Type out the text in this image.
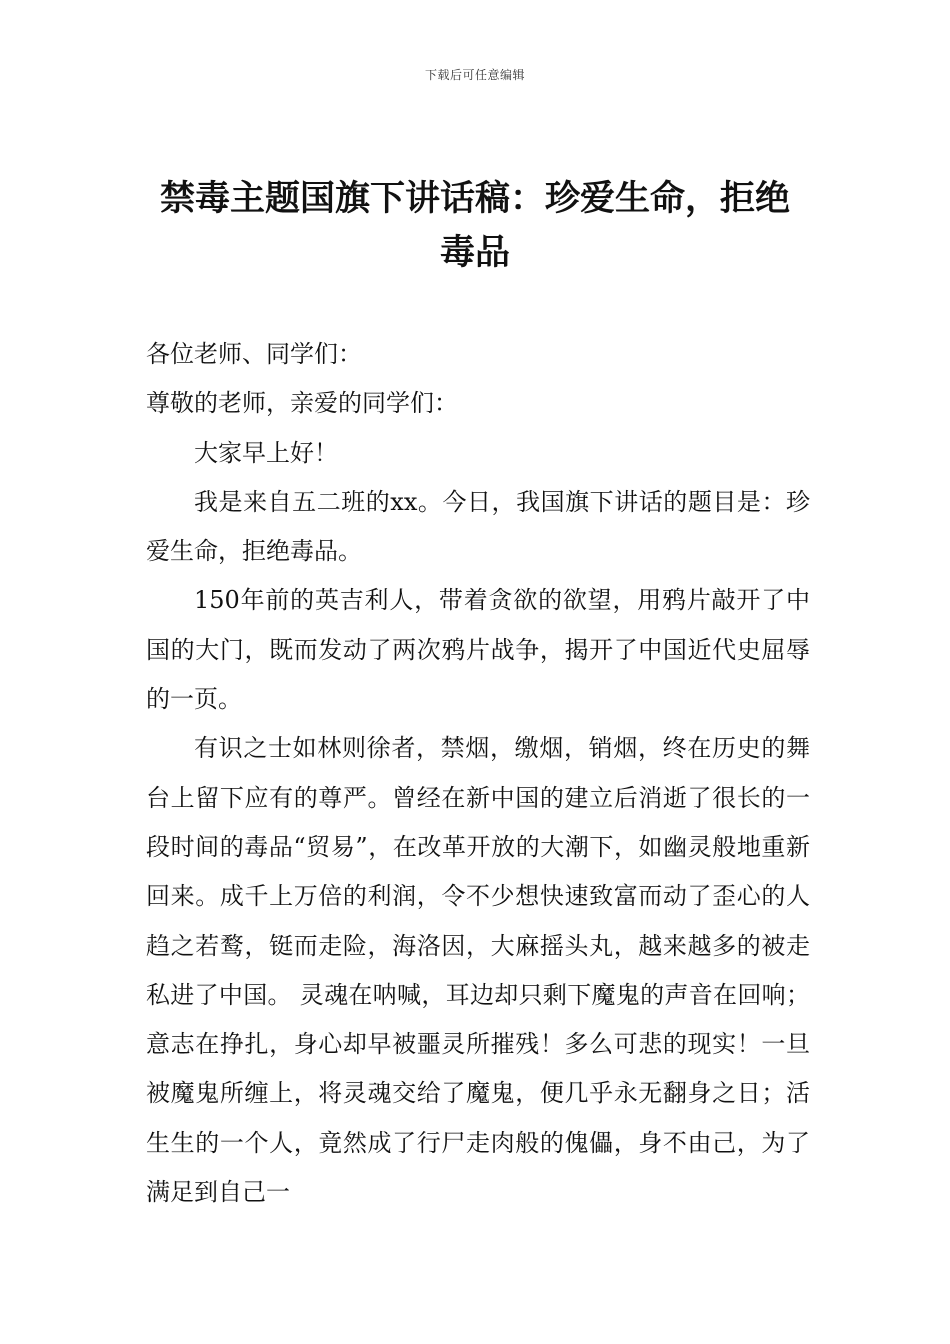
下载后可任意编辑
禁毒主题国旗下讲话稿：珍爱生命，拒绝毒品

各位老师、同学们：

尊敬的老师，亲爱的同学们：

大家早上好！

我是来自五二班的xx。今日，我国旗下讲话的题目是：珍爱生命，拒绝毒品。

150年前的英吉利人，带着贪欲的欲望，用鸦片敲开了中国的大门，既而发动了两次鸦片战争，揭开了中国近代史屈辱的一页。

有识之士如林则徐者，禁烟，缴烟，销烟，终在历史的舞台上留下应有的尊严。曾经在新中国的建立后消逝了很长的一段时间的毒品“贸易”，在改革开放的大潮下，如幽灵般地重新回来。成千上万倍的利润，令不少想快速致富而动了歪心的人趋之若鹜，铤而走险，海洛因，大麻摇头丸，越来越多的被走私进了中国。 灵魂在呐喊，耳边却只剩下魔鬼的声音在回响；意志在挣扎，身心却早被噩灵所摧残！多么可悲的现实！一旦被魔鬼所缠上，将灵魂交给了魔鬼，便几乎永无翻身之日；活生生的一个人，竟然成了行尸走肉般的傀儡，身不由己，为了满足到自己一
